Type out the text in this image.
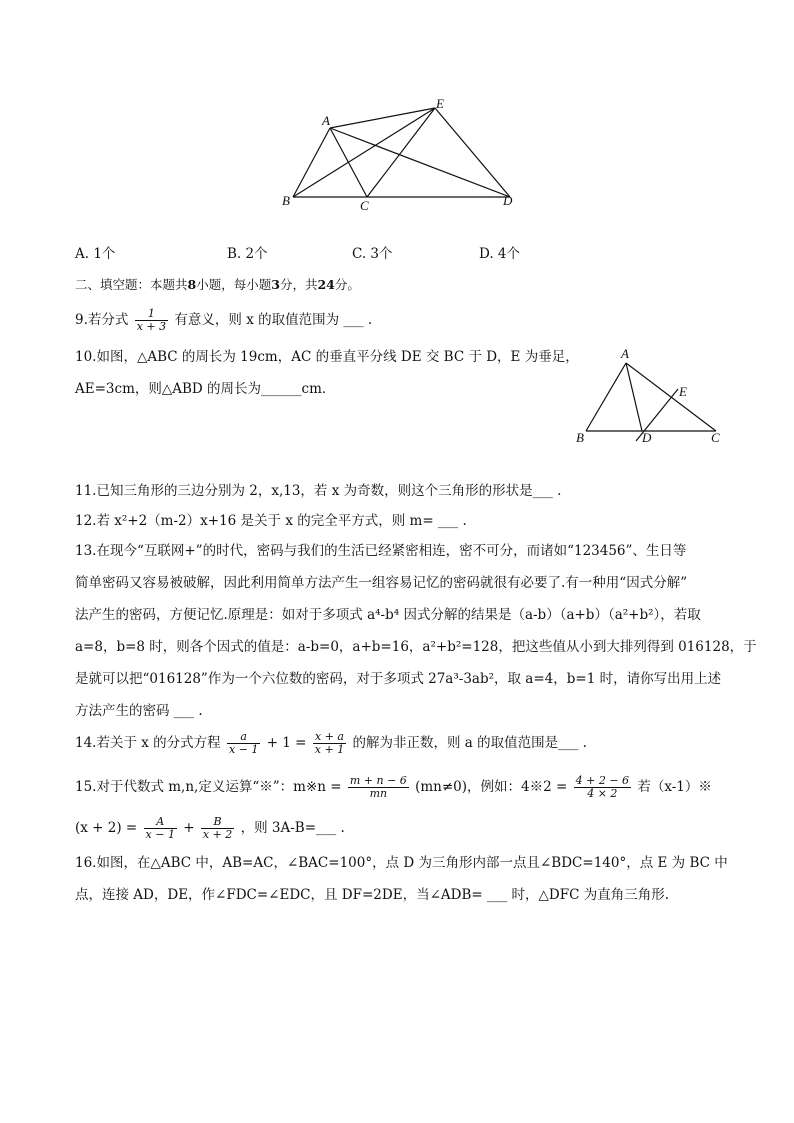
A
E
B	C	D
A. 1个	B. 2个	C. 3个	D. 4个
二、填空题：本题共8小题，每小题3分，共24分。
9.若分式 $\frac{1}{x + 3}$ 有意义，则 x 的取值范围为 ___ .
10.如图，△ABC 的周长为 19cm，AC 的垂直平分线 DE 交 BC 于 D，E 为垂足，
AE=3cm，则△ABD 的周长为______cm．
A
E
B	D	C
11.已知三角形的三边分别为 2，x,13，若 x 为奇数，则这个三角形的形状是___ .
12.若 x²+2（m-2）x+16 是关于 x 的完全平方式，则 m= ___ .
13.在现今“互联网+”的时代，密码与我们的生活已经紧密相连，密不可分，而诸如“123456”、生日等
简单密码又容易被破解，因此利用简单方法产生一组容易记忆的密码就很有必要了.有一种用“因式分解”
法产生的密码，方便记忆.原理是：如对于多项式 a⁴-b⁴ 因式分解的结果是（a-b）（a+b）（a²+b²），若取
a=8，b=8 时，则各个因式的值是：a-b=0，a+b=16，a²+b²=128，把这些值从小到大排列得到 016128，于
是就可以把“016128”作为一个六位数的密码，对于多项式 27a³-3ab²，取 a=4，b=1 时，请你写出用上述
方法产生的密码 ___ .
14.若关于 x 的分式方程 $\frac{a}{x - 1} + 1 = \frac{x + a}{x + 1}$ 的解为非正数，则 a 的取值范围是___ .
15.对于代数式 m,n,定义运算“※”：m※n = $\frac{m + n - 6}{mn} (mn\ne 0)$，例如：4※2 = $\frac{4 + 2 - 6}{4 \times 2}$ 若（x-1）※
$(x + 2) = \frac{A}{x - 1} + \frac{B}{x + 2}$ ，则 3A-B=___ .
16.如图，在△ABC 中，AB=AC，∠BAC=100°，点 D 为三角形内部一点且∠BDC=140°，点 E 为 BC 中
点，连接 AD，DE，作∠FDC=∠EDC，且 DF=2DE，当∠ADB= ___ 时，△DFC 为直角三角形.
